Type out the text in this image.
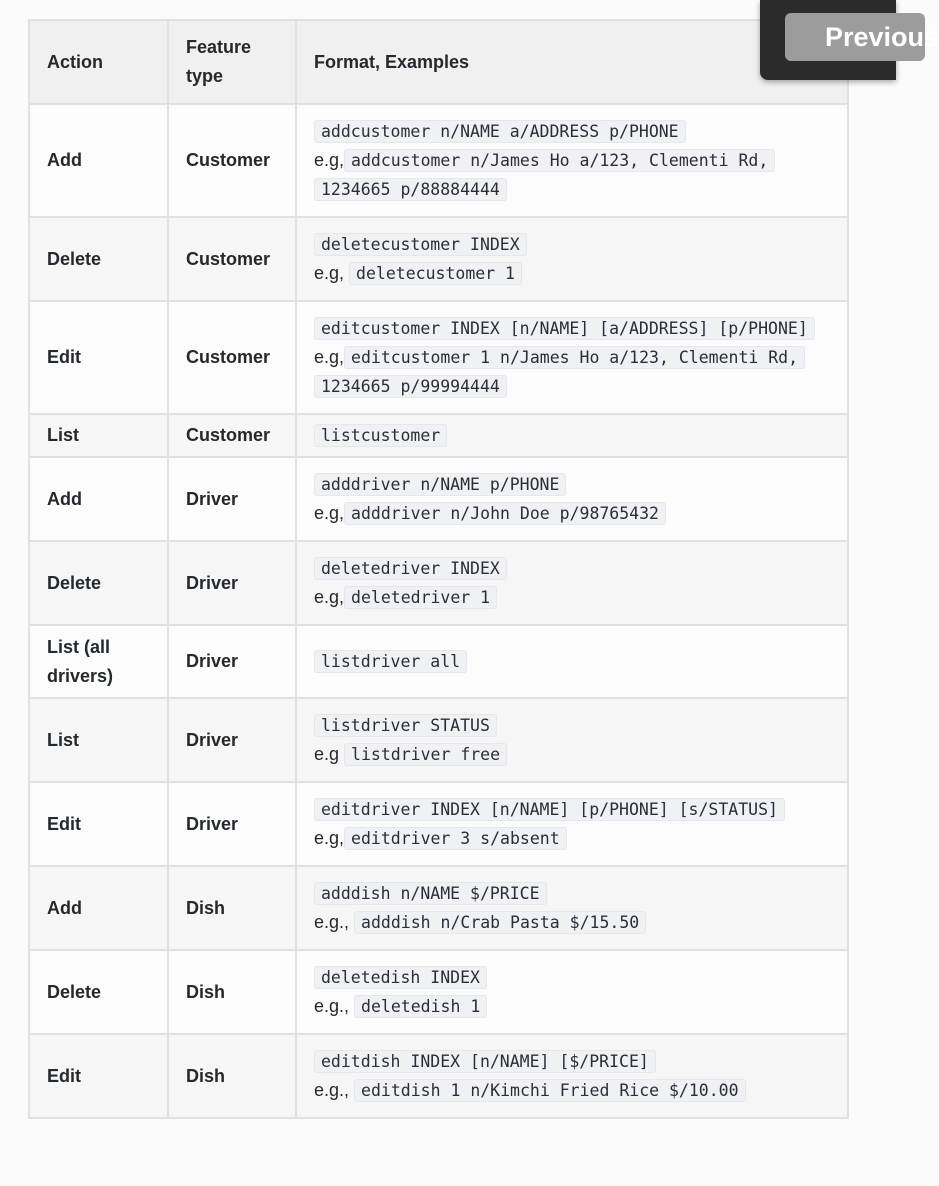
Action	Feature type	Format, Examples
Add	Customer	addcustomer n/NAME a/ADDRESS p/PHONE
e.g, addcustomer n/James Ho a/123, Clementi Rd, 1234665 p/88884444
Delete	Customer	deletecustomer INDEX
e.g, deletecustomer 1
Edit	Customer	editcustomer INDEX [n/NAME] [a/ADDRESS] [p/PHONE]
e.g, editcustomer 1 n/James Ho a/123, Clementi Rd, 1234665 p/99994444
List	Customer	listcustomer
Add	Driver	adddriver n/NAME p/PHONE
e.g, adddriver n/John Doe p/98765432
Delete	Driver	deletedriver INDEX
e.g, deletedriver 1
List (all drivers)	Driver	listdriver all
List	Driver	listdriver STATUS
e.g listdriver free
Edit	Driver	editdriver INDEX [n/NAME] [p/PHONE] [s/STATUS]
e.g, editdriver 3 s/absent
Add	Dish	adddish n/NAME $/PRICE
e.g., adddish n/Crab Pasta $/15.50
Delete	Dish	deletedish INDEX
e.g., deletedish 1
Edit	Dish	editdish INDEX [n/NAME] [$/PRICE]
e.g., editdish 1 n/Kimchi Fried Rice $/10.00
Previous
